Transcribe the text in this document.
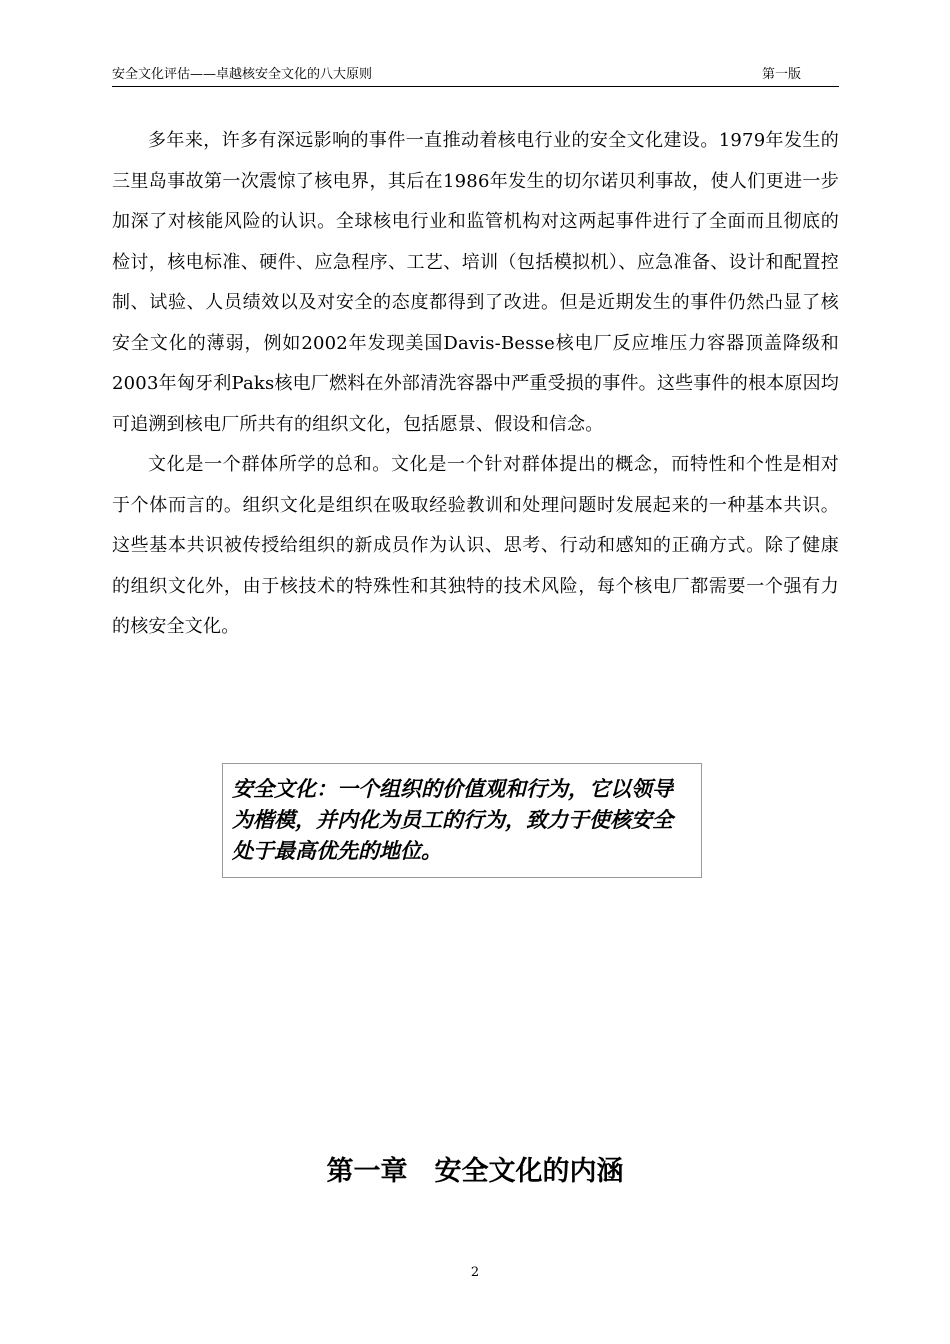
安全文化评估——卓越核安全文化的八大原则	第一版

多年来，许多有深远影响的事件一直推动着核电行业的安全文化建设。1979年发生的三里岛事故第一次震惊了核电界，其后在1986年发生的切尔诺贝利事故，使人们更进一步加深了对核能风险的认识。全球核电行业和监管机构对这两起事件进行了全面而且彻底的检讨，核电标准、硬件、应急程序、工艺、培训（包括模拟机）、应急准备、设计和配置控制、试验、人员绩效以及对安全的态度都得到了改进。但是近期发生的事件仍然凸显了核安全文化的薄弱，例如2002年发现美国Davis-Besse核电厂反应堆压力容器顶盖降级和2003年匈牙利Paks核电厂燃料在外部清洗容器中严重受损的事件。这些事件的根本原因均可追溯到核电厂所共有的组织文化，包括愿景、假设和信念。

文化是一个群体所学的总和。文化是一个针对群体提出的概念，而特性和个性是相对于个体而言的。组织文化是组织在吸取经验教训和处理问题时发展起来的一种基本共识。这些基本共识被传授给组织的新成员作为认识、思考、行动和感知的正确方式。除了健康的组织文化外，由于核技术的特殊性和其独特的技术风险，每个核电厂都需要一个强有力的核安全文化。

安全文化：一个组织的价值观和行为，它以领导为楷模，并内化为员工的行为，致力于使核安全处于最高优先的地位。
第一章　安全文化的内涵
2
